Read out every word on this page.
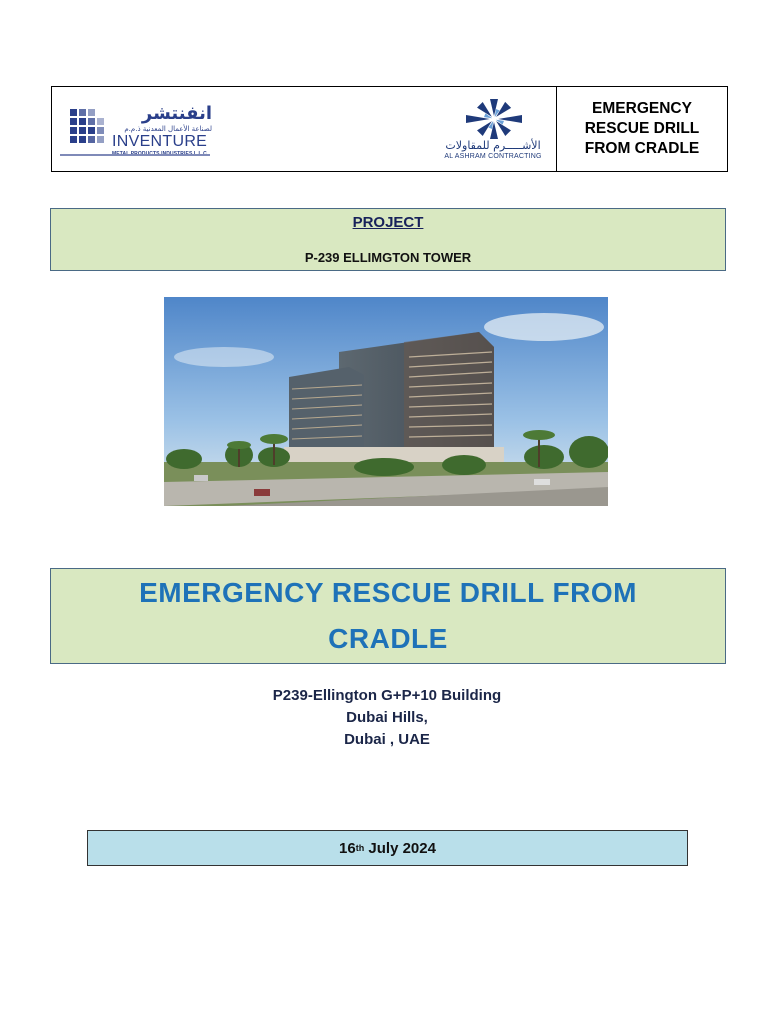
انفنتشر
لصناعة الأعمال المعدنية ذ.م.م
INVENTURE	الأشـــــرم للمقاولات
AL ASHRAM CONTRACTING
EMERGENCY
RESCUE DRILL
FROM CRADLE
PROJECT
P-239 ELLIMGTON TOWER
EMERGENCY RESCUE DRILL FROM
CRADLE
P239-Ellington G+P+10 Building
Dubai Hills,
Dubai , UAE
16 th
July 2024
